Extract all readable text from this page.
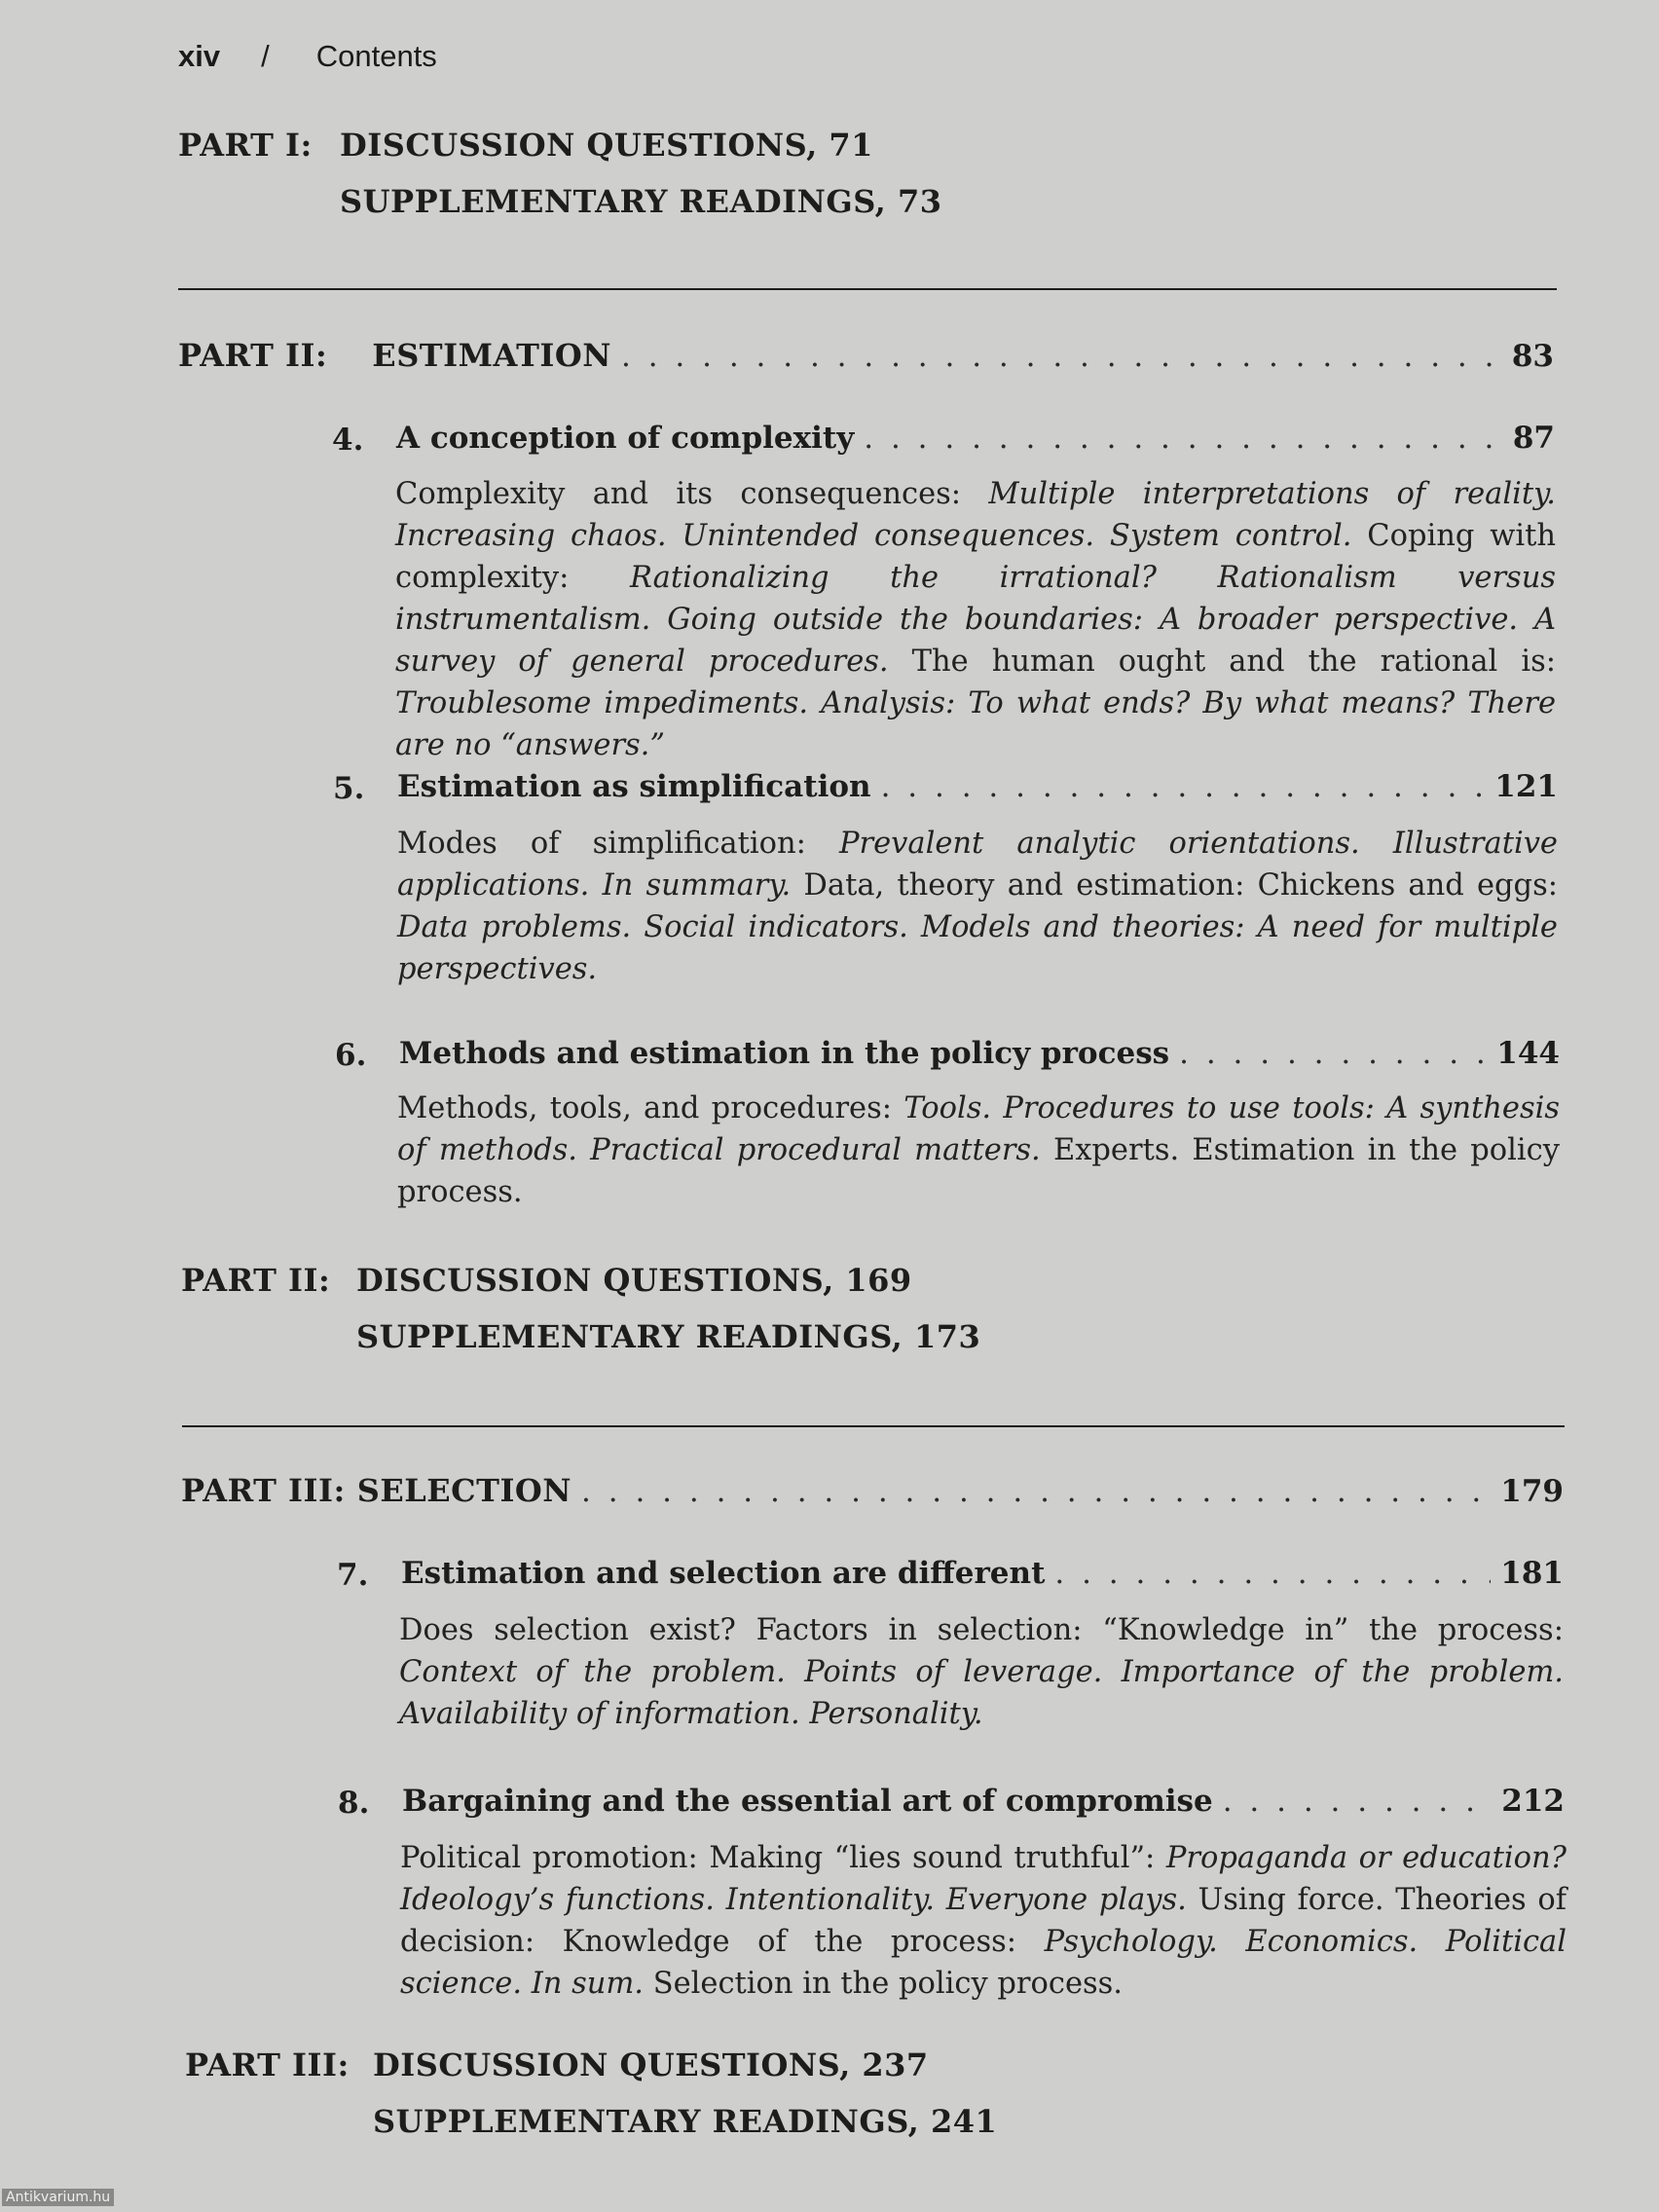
xiv / Contents
PART I: DISCUSSION QUESTIONS, 71
SUPPLEMENTARY READINGS, 73
PART II: ESTIMATION . . .	83
4. A conception of complexity . . .	87
Complexity and its consequences: Multiple interpretations of reality. Increasing chaos. Unintended consequences. System control. Coping with complexity: Rationalizing the irrational? Rationalism versus instrumentalism. Going outside the boundaries: A broader perspective. A survey of general procedures. The human ought and the rational is: Troublesome impediments. Analysis: To what ends? By what means? There are no “answers.”
5. Estimation as simplification . . .	121
Modes of simplification: Prevalent analytic orientations. Illustrative applications. In summary. Data, theory and estimation: Chickens and eggs: Data problems. Social indicators. Models and theories: A need for multiple perspectives.
6. Methods and estimation in the policy process . . .	144
Methods, tools, and procedures: Tools. Procedures to use tools: A synthesis of methods. Practical procedural matters. Experts. Estimation in the policy process.
PART II: DISCUSSION QUESTIONS, 169
SUPPLEMENTARY READINGS, 173
PART III: SELECTION . . .	179
7. Estimation and selection are different . . .	181
Does selection exist? Factors in selection: “Knowledge in” the process: Context of the problem. Points of leverage. Importance of the problem. Availability of information. Personality.
8. Bargaining and the essential art of compromise . . .	212
Political promotion: Making “lies sound truthful”: Propaganda or education? Ideology’s functions. Intentionality. Everyone plays. Using force. Theories of decision: Knowledge of the process: Psychology. Economics. Political science. In sum. Selection in the policy process.
PART III: DISCUSSION QUESTIONS, 237
SUPPLEMENTARY READINGS, 241
Antikvarium.hu
